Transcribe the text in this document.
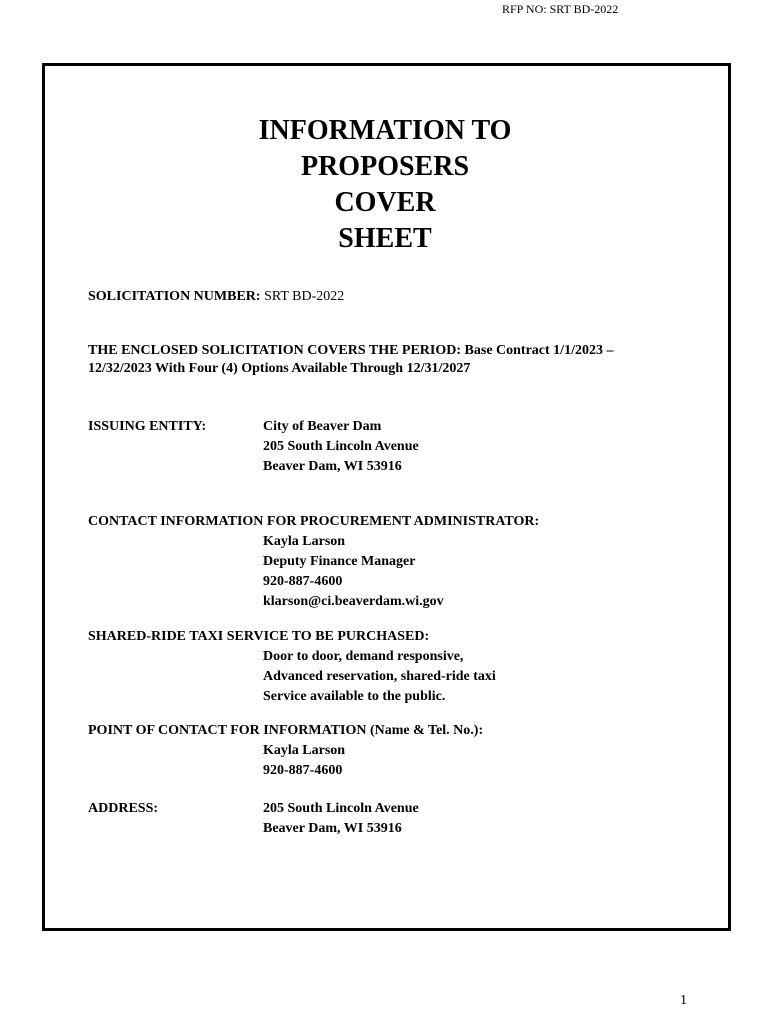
RFP NO: SRT BD-2022
INFORMATION TO
PROPOSERS
COVER
SHEET
SOLICITATION NUMBER: SRT BD-2022
THE ENCLOSED SOLICITATION COVERS THE PERIOD: Base Contract 1/1/2023 –
12/32/2023 With Four (4) Options Available Through 12/31/2027
ISSUING ENTITY:	City of Beaver Dam
205 South Lincoln Avenue
Beaver Dam, WI 53916
CONTACT INFORMATION FOR PROCUREMENT ADMINISTRATOR:
Kayla Larson
Deputy Finance Manager
920-887-4600
klarson@ci.beaverdam.wi.gov
SHARED-RIDE TAXI SERVICE TO BE PURCHASED:
Door to door, demand responsive,
Advanced reservation, shared-ride taxi
Service available to the public.
POINT OF CONTACT FOR INFORMATION (Name & Tel. No.):
Kayla Larson
920-887-4600
ADDRESS:	205 South Lincoln Avenue
Beaver Dam, WI 53916
1
